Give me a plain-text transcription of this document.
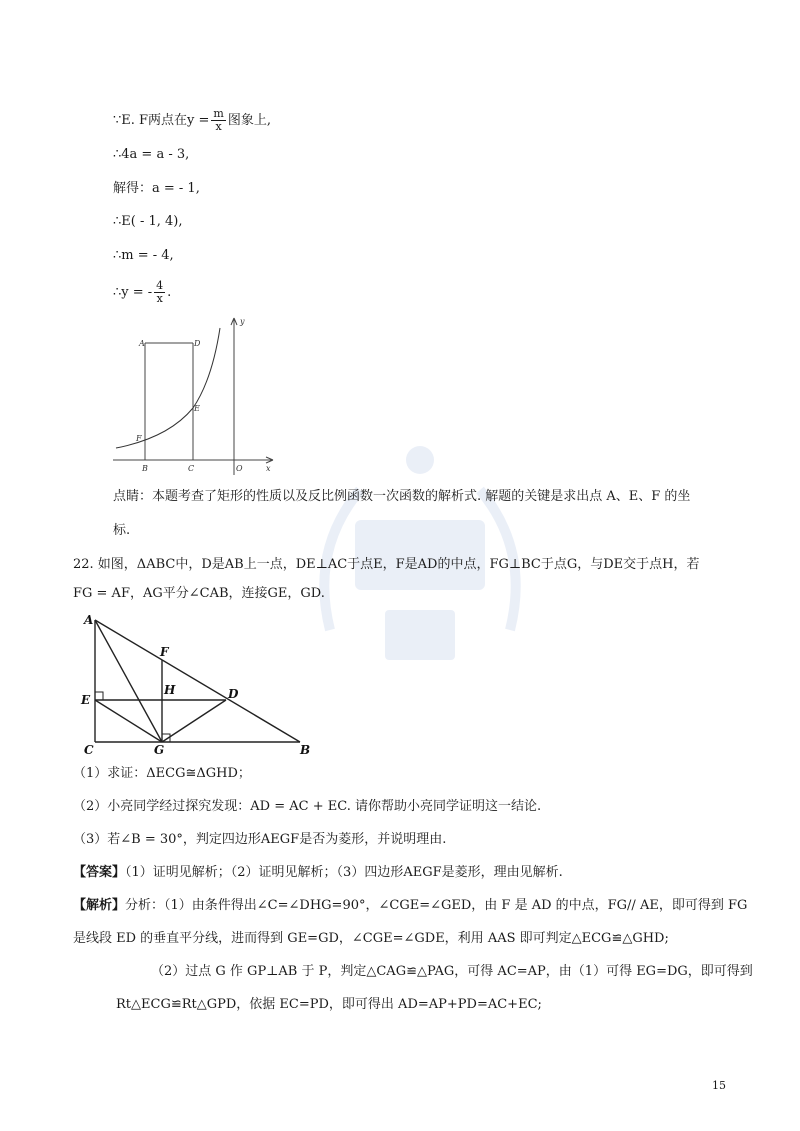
∵E. F两点在$y = \frac{m}{x}$ 图象上,
∴4a = a - 3,
解得：a = - 1,
∴E( - 1, 4),
∴m = - 4,
∴y = - $\frac{4}{x}$ .
A	D
E
F
B	C	O	x
y
点睛：本题考查了矩形的性质以及反比例函数一次函数的解析式. 解题的关键是求出点 A、E、F 的坐
标.
22. 如图，ΔABC中，D是AB上一点，DE⊥AC于点E，F是AD的中点，FG⊥BC于点G，与DE交于点H，若
FG = AF，AG平分∠CAB，连接GE，GD.
A
F
E
H	D
C	G	B
（1）求证：ΔECG≅ΔGHD；
（2）小亮同学经过探究发现：AD = AC + EC. 请你帮助小亮同学证明这一结论.
（3）若∠B = 30°，判定四边形AEGF是否为菱形，并说明理由.
【答案】（1）证明见解析；（2）证明见解析；（3）四边形AEGF是菱形，理由见解析.
【解析】分析：（1）由条件得出∠C=∠DHG=90°，∠CGE=∠GED，由 F 是 AD 的中点，FG// AE，即可得到 FG
是线段 ED 的垂直平分线，进而得到 GE=GD，∠CGE=∠GDE，利用 AAS 即可判定△ECG≌△GHD;
（2）过点 G 作 GP⊥AB 于 P，判定△CAG≌△PAG，可得 AC=AP，由（1）可得 EG=DG，即可得到
Rt△ECG≌Rt△GPD，依据 EC=PD，即可得出 AD=AP+PD=AC+EC;
15
